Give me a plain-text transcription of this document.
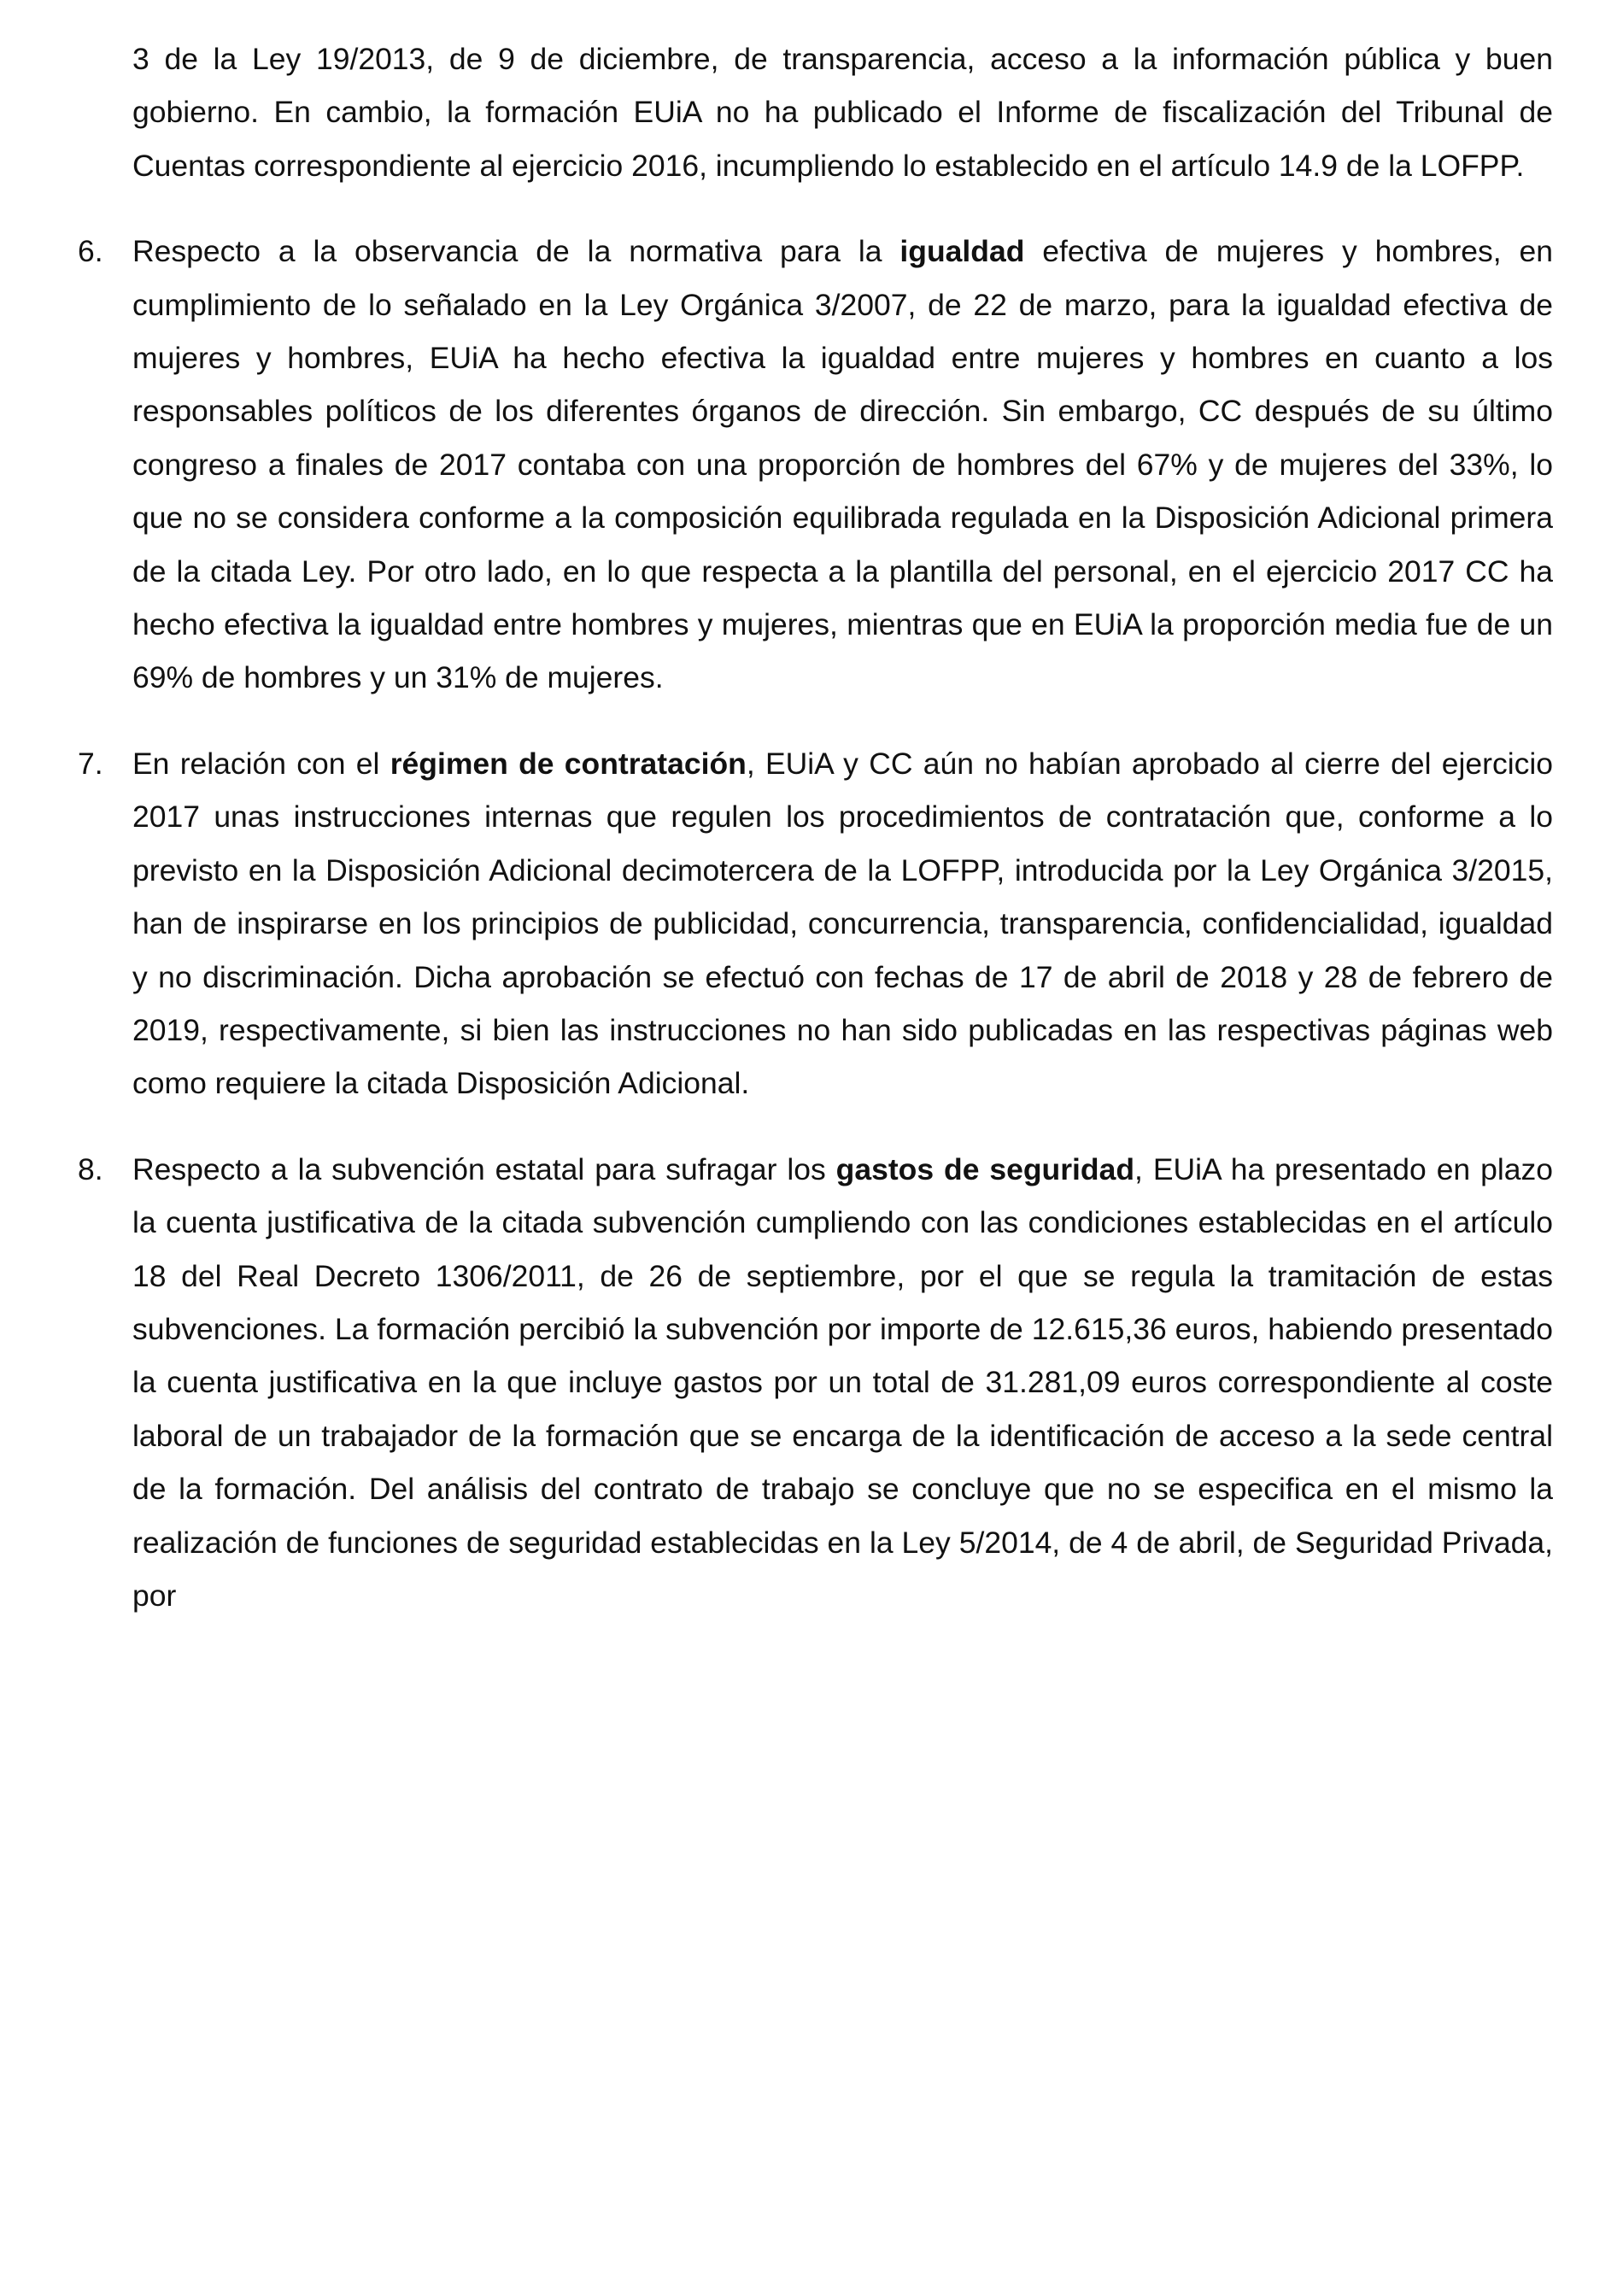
3 de la Ley 19/2013, de 9 de diciembre, de transparencia, acceso a la información pública y buen gobierno. En cambio, la formación EUiA no ha publicado el Informe de fiscalización del Tribunal de Cuentas correspondiente al ejercicio 2016, incumpliendo lo establecido en el artículo 14.9 de la LOFPP.

6. Respecto a la observancia de la normativa para la igualdad efectiva de mujeres y hombres, en cumplimiento de lo señalado en la Ley Orgánica 3/2007, de 22 de marzo, para la igualdad efectiva de mujeres y hombres, EUiA ha hecho efectiva la igualdad entre mujeres y hombres en cuanto a los responsables políticos de los diferentes órganos de dirección. Sin embargo, CC después de su último congreso a finales de 2017 contaba con una proporción de hombres del 67% y de mujeres del 33%, lo que no se considera conforme a la composición equilibrada regulada en la Disposición Adicional primera de la citada Ley. Por otro lado, en lo que respecta a la plantilla del personal, en el ejercicio 2017 CC ha hecho efectiva la igualdad entre hombres y mujeres, mientras que en EUiA la proporción media fue de un 69% de hombres y un 31% de mujeres.

7. En relación con el régimen de contratación, EUiA y CC aún no habían aprobado al cierre del ejercicio 2017 unas instrucciones internas que regulen los procedimientos de contratación que, conforme a lo previsto en la Disposición Adicional decimotercera de la LOFPP, introducida por la Ley Orgánica 3/2015, han de inspirarse en los principios de publicidad, concurrencia, transparencia, confidencialidad, igualdad y no discriminación. Dicha aprobación se efectuó con fechas de 17 de abril de 2018 y 28 de febrero de 2019, respectivamente, si bien las instrucciones no han sido publicadas en las respectivas páginas web como requiere la citada Disposición Adicional.

8. Respecto a la subvención estatal para sufragar los gastos de seguridad, EUiA ha presentado en plazo la cuenta justificativa de la citada subvención cumpliendo con las condiciones establecidas en el artículo 18 del Real Decreto 1306/2011, de 26 de septiembre, por el que se regula la tramitación de estas subvenciones. La formación percibió la subvención por importe de 12.615,36 euros, habiendo presentado la cuenta justificativa en la que incluye gastos por un total de 31.281,09 euros correspondiente al coste laboral de un trabajador de la formación que se encarga de la identificación de acceso a la sede central de la formación. Del análisis del contrato de trabajo se concluye que no se especifica en el mismo la realización de funciones de seguridad establecidas en la Ley 5/2014, de 4 de abril, de Seguridad Privada, por
